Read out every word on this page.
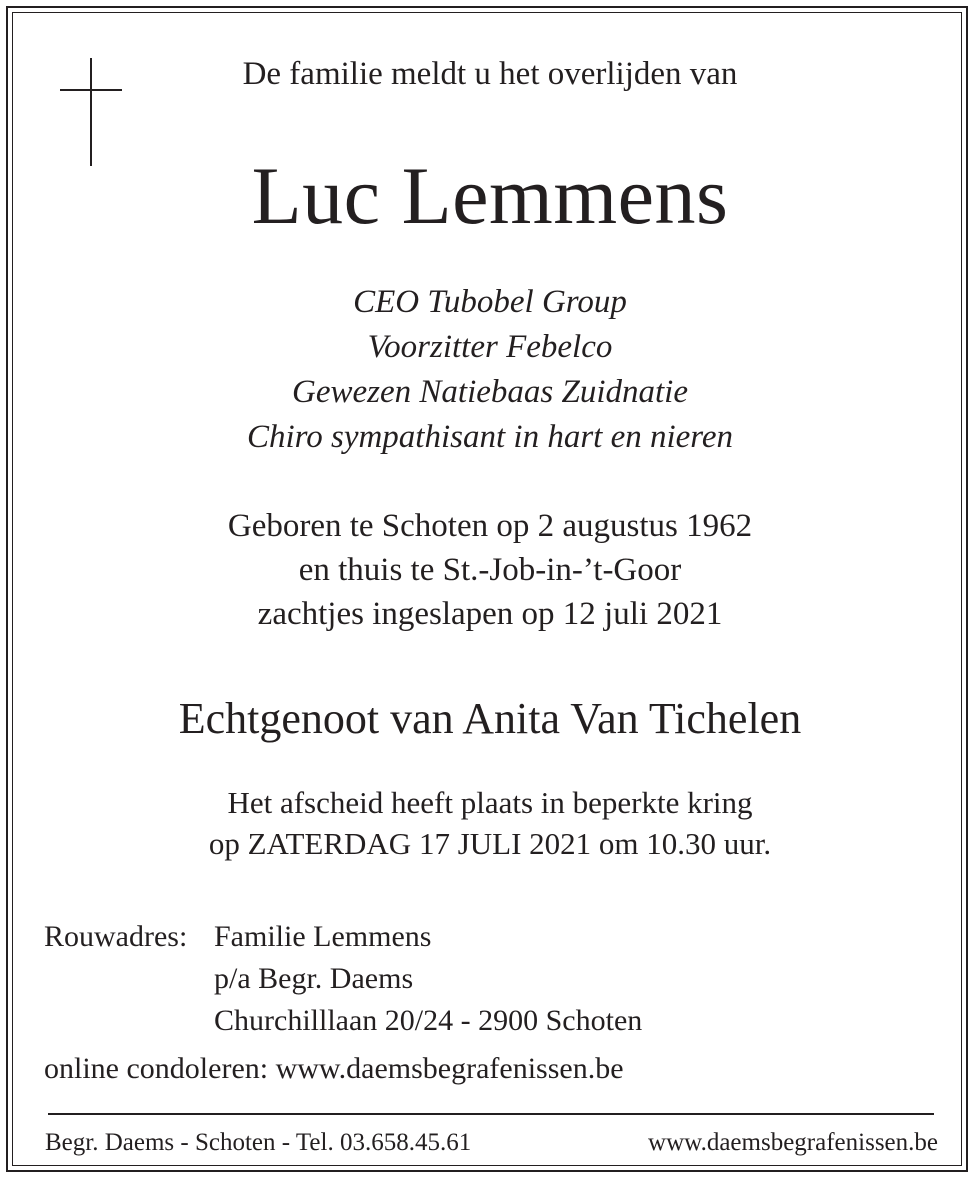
De familie meldt u het overlijden van
Luc Lemmens
CEO Tubobel Group
Voorzitter Febelco
Gewezen Natiebaas Zuidnatie
Chiro sympathisant in hart en nieren
Geboren te Schoten op 2 augustus 1962
en thuis te St.-Job-in-’t-Goor
zachtjes ingeslapen op 12 juli 2021
Echtgenoot van Anita Van Tichelen
Het afscheid heeft plaats in beperkte kring
op ZATERDAG 17 JULI 2021 om 10.30 uur.
Rouwadres: Familie Lemmens
p/a Begr. Daems
Churchilllaan 20/24 - 2900 Schoten
online condoleren: www.daemsbegrafenissen.be
Begr. Daems - Schoten - Tel. 03.658.45.61	www.daemsbegrafenissen.be
